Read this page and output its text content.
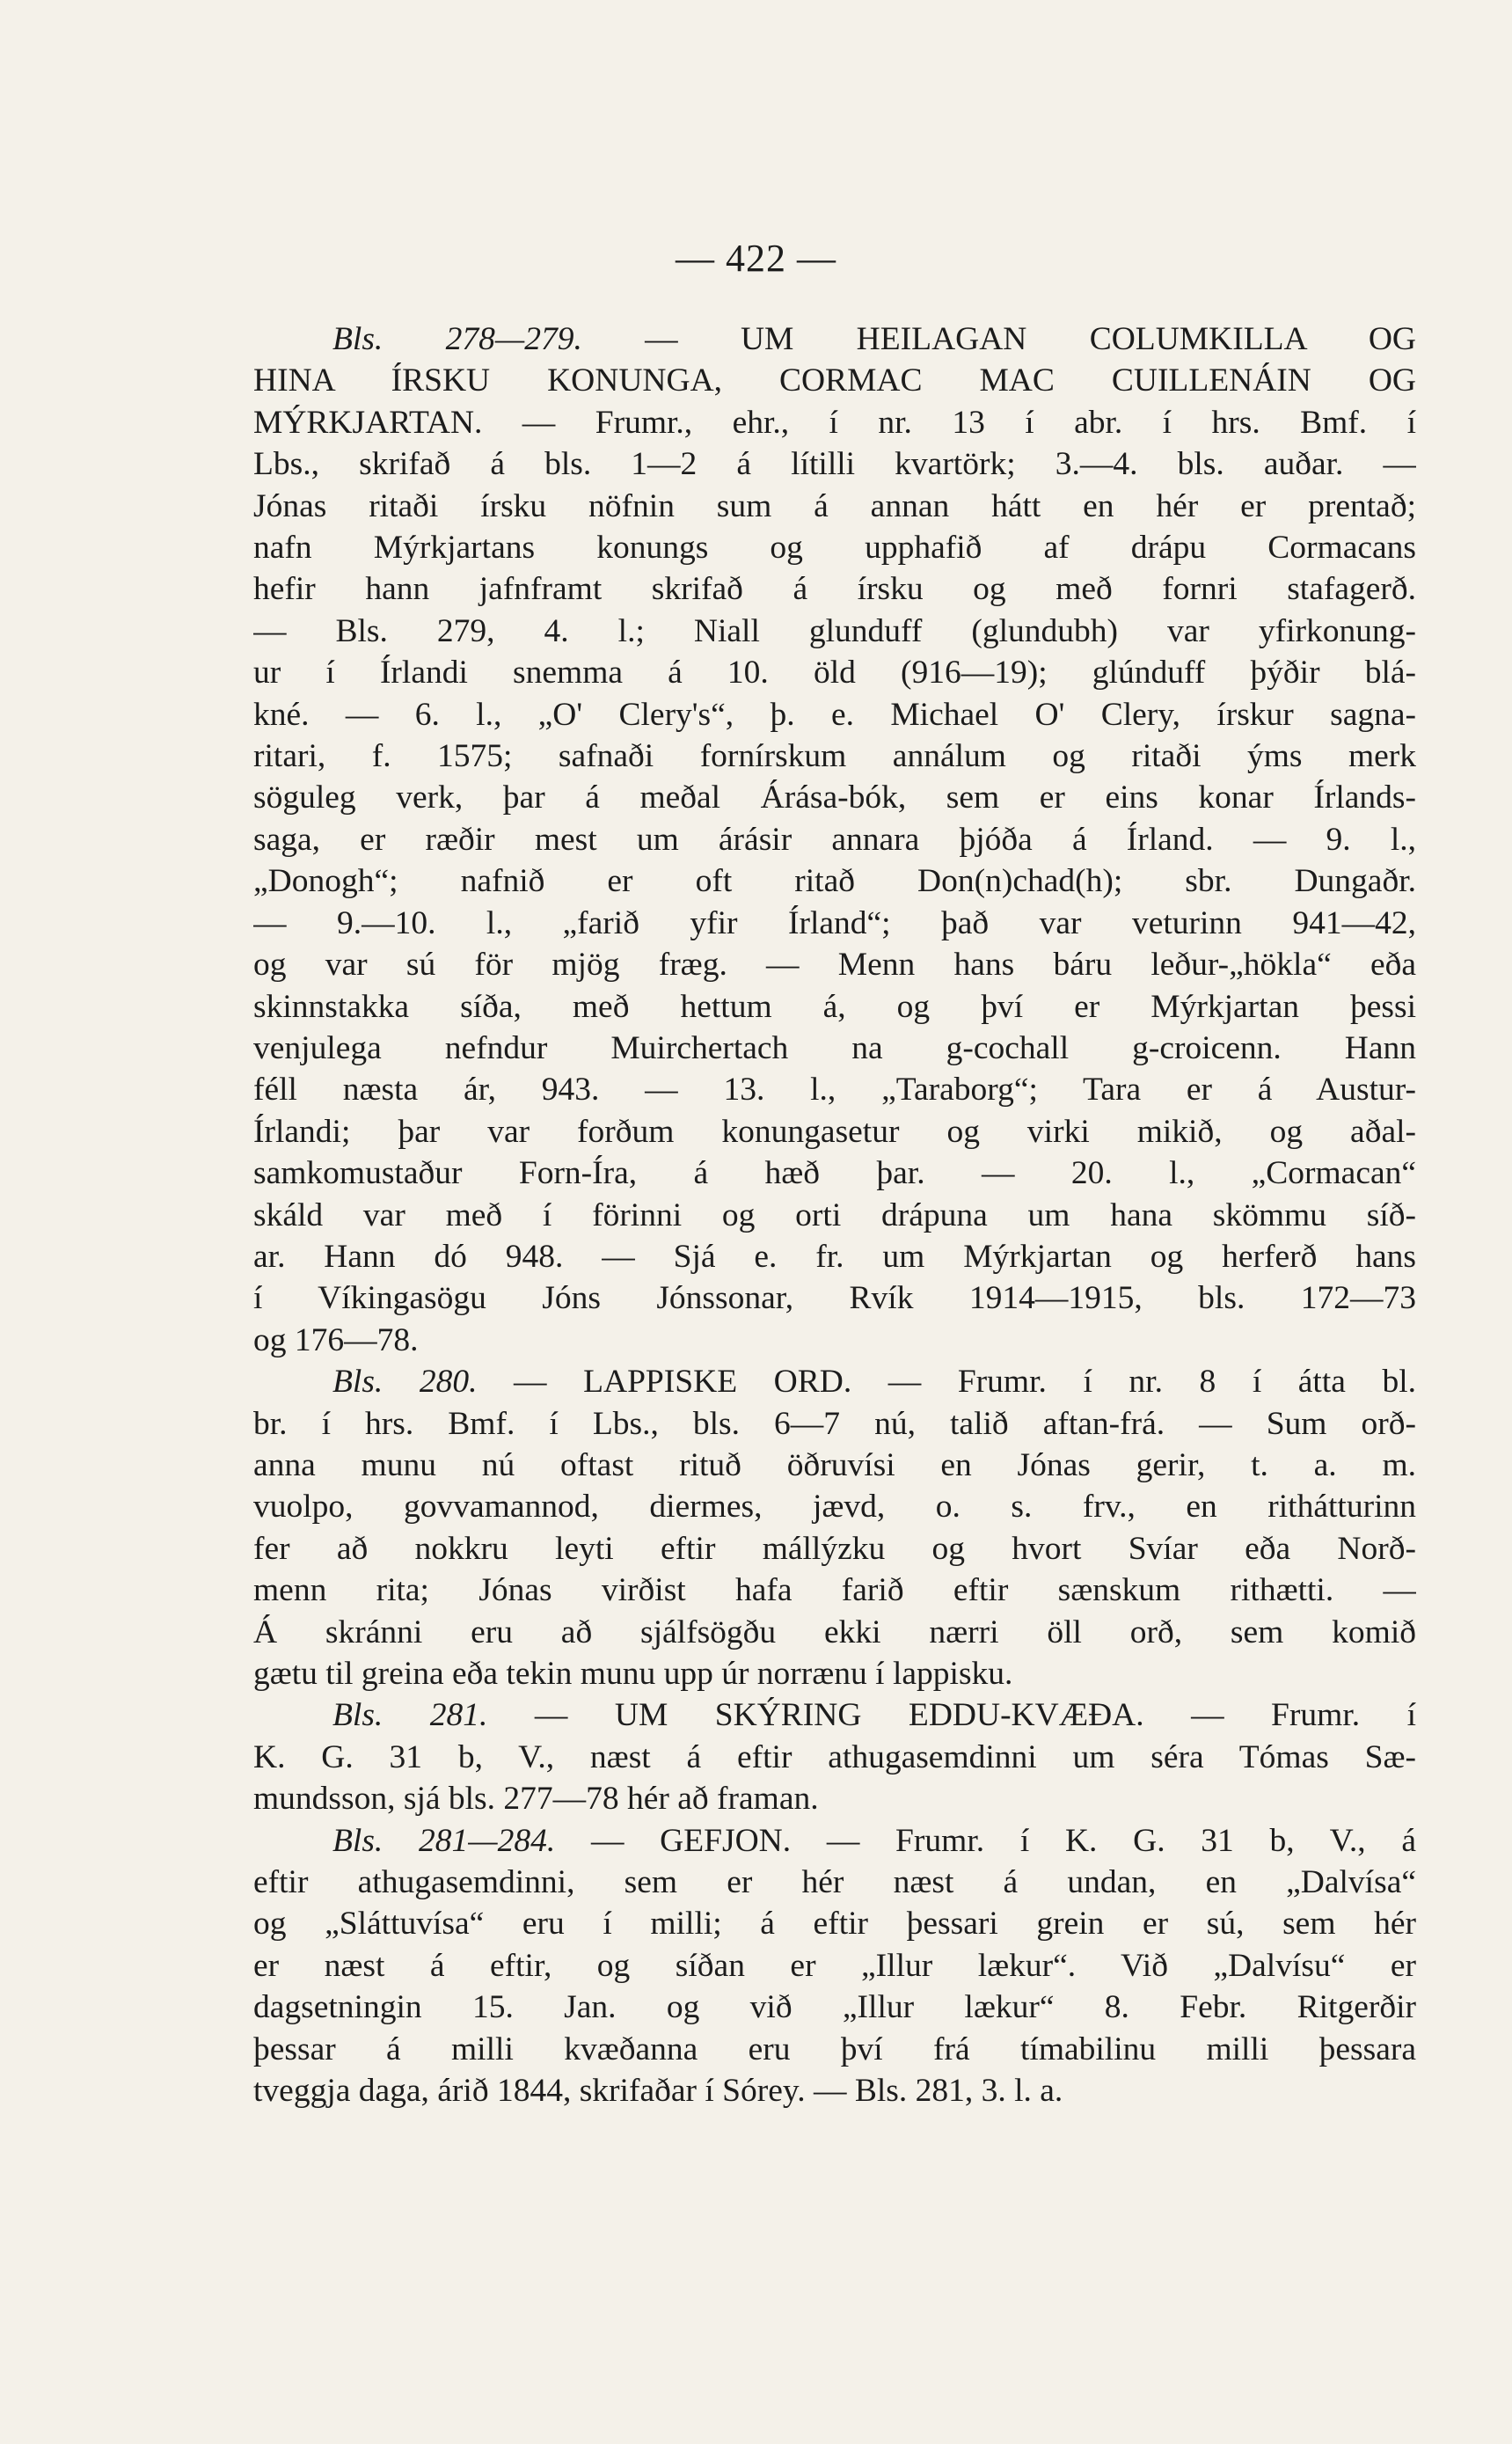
— 422 —
Bls. 278—279. — UM HEILAGAN COLUMKILLA OG
HINA ÍRSKU KONUNGA, CORMAC MAC CUILLENÁIN OG
MÝRKJARTAN. — Frumr., ehr., í nr. 13 í abr. í hrs. Bmf. í
Lbs., skrifað á bls. 1—2 á lítilli kvartörk; 3.—4. bls. auðar. —
Jónas ritaði írsku nöfnin sum á annan hátt en hér er prentað;
nafn Mýrkjartans konungs og upphafið af drápu Cormacans
hefir hann jafnframt skrifað á írsku og með fornri stafagerð.
— Bls. 279, 4. l.; Niall glunduff (glundubh) var yfirkonung-
ur í Írlandi snemma á 10. öld (916—19); glúnduff þýðir blá-
kné. — 6. l., „O' Clery's“, þ. e. Michael O' Clery, írskur sagna-
ritari, f. 1575; safnaði fornírskum annálum og ritaði ýms merk
söguleg verk, þar á meðal Árása-bók, sem er eins konar Írlands-
saga, er ræðir mest um árásir annara þjóða á Írland. — 9. l.,
„Donogh“; nafnið er oft ritað Don(n)chad(h); sbr. Dungaðr.
— 9.—10. l., „farið yfir Írland“; það var veturinn 941—42,
og var sú för mjög fræg. — Menn hans báru leður-„hökla“ eða
skinnstakka síða, með hettum á, og því er Mýrkjartan þessi
venjulega nefndur Muirchertach na g-cochall g-croicenn. Hann
féll næsta ár, 943. — 13. l., „Taraborg“; Tara er á Austur-
Írlandi; þar var forðum konungasetur og virki mikið, og aðal-
samkomustaður Forn-Íra, á hæð þar. — 20. l., „Cormacan“
skáld var með í förinni og orti drápuna um hana skömmu síð-
ar. Hann dó 948. — Sjá e. fr. um Mýrkjartan og herferð hans
í Víkingasögu Jóns Jónssonar, Rvík 1914—1915, bls. 172—73
og 176—78.
Bls. 280. — LAPPISKE ORD. — Frumr. í nr. 8 í átta bl.
br. í hrs. Bmf. í Lbs., bls. 6—7 nú, talið aftan-frá. — Sum orð-
anna munu nú oftast rituð öðruvísi en Jónas gerir, t. a. m.
vuolpo, govvamannod, diermes, jævd, o. s. frv., en rithátturinn
fer að nokkru leyti eftir mállýzku og hvort Svíar eða Norð-
menn rita; Jónas virðist hafa farið eftir sænskum rithætti. —
Á skránni eru að sjálfsögðu ekki nærri öll orð, sem komið
gætu til greina eða tekin munu upp úr norrænu í lappisku.
Bls. 281. — UM SKÝRING EDDU-KVÆÐA. — Frumr. í
K. G. 31 b, V., næst á eftir athugasemdinni um séra Tómas Sæ-
mundsson, sjá bls. 277—78 hér að framan.
Bls. 281—284. — GEFJON. — Frumr. í K. G. 31 b, V., á
eftir athugasemdinni, sem er hér næst á undan, en „Dalvísa“
og „Sláttuvísa“ eru í milli; á eftir þessari grein er sú, sem hér
er næst á eftir, og síðan er „Illur lækur“. Við „Dalvísu“ er
dagsetningin 15. Jan. og við „Illur lækur“ 8. Febr. Ritgerðir
þessar á milli kvæðanna eru því frá tímabilinu milli þessara
tveggja daga, árið 1844, skrifaðar í Sórey. — Bls. 281, 3. l. a.
